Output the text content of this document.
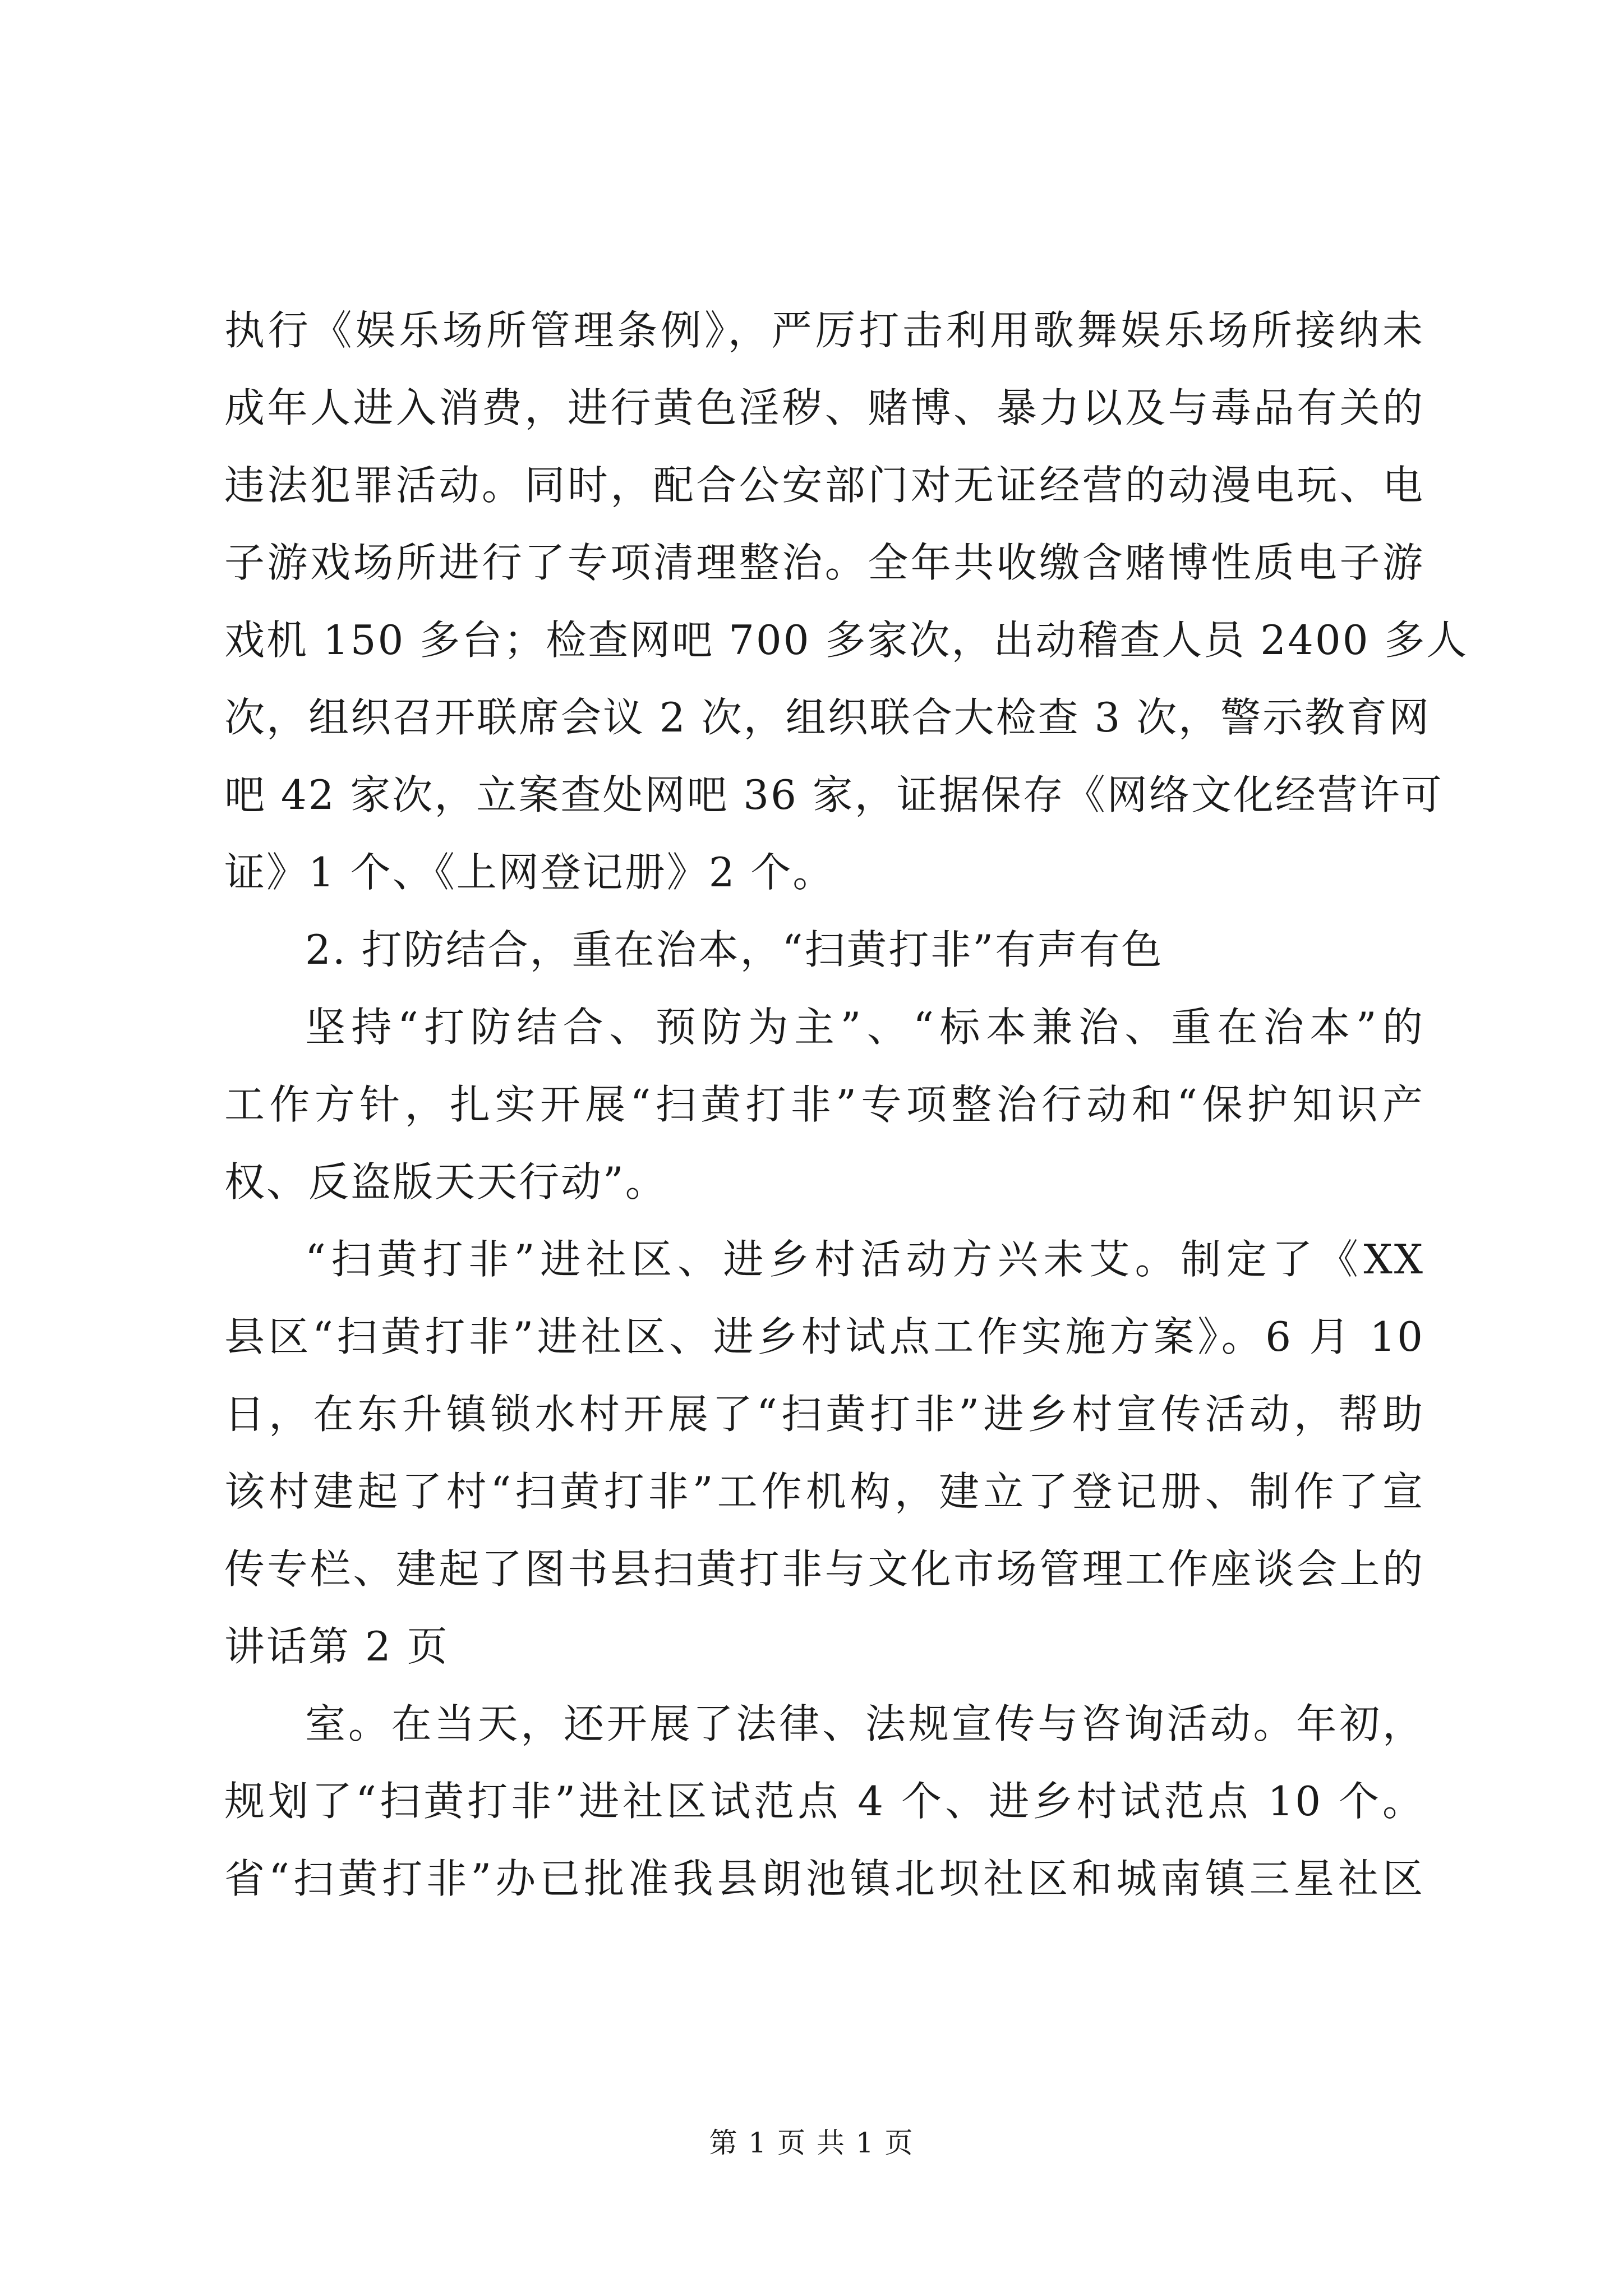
执行《娱乐场所管理条例》，严厉打击利用歌舞娱乐场所接纳未
成年人进入消费，进行黄色淫秽、赌博、暴力以及与毒品有关的
违法犯罪活动。同时，配合公安部门对无证经营的动漫电玩、电
子游戏场所进行了专项清理整治。全年共收缴含赌博性质电子游
戏机 150 多台；检查网吧 700 多家次，出动稽查人员 2400 多人
次，组织召开联席会议 2 次，组织联合大检查 3 次，警示教育网
吧 42 家次，立案查处网吧 36 家，证据保存《网络文化经营许可
证》1 个、《上网登记册》2 个。
2. 打防结合，重在治本，“扫黄打非”有声有色
坚持“打防结合、预防为主”、“标本兼治、重在治本”的
工作方针，扎实开展“扫黄打非”专项整治行动和“保护知识产
权、反盗版天天行动”。
“扫黄打非”进社区、进乡村活动方兴未艾。制定了《XX
县区“扫黄打非”进社区、进乡村试点工作实施方案》。6 月 10
日，在东升镇锁水村开展了“扫黄打非”进乡村宣传活动，帮助
该村建起了村“扫黄打非”工作机构，建立了登记册、制作了宣
传专栏、建起了图书县扫黄打非与文化市场管理工作座谈会上的
讲话第 2 页
室。在当天，还开展了法律、法规宣传与咨询活动。年初，
规划了“扫黄打非”进社区试范点 4 个、进乡村试范点 10 个。
省“扫黄打非”办已批准我县朗池镇北坝社区和城南镇三星社区
第 1 页 共 1 页
